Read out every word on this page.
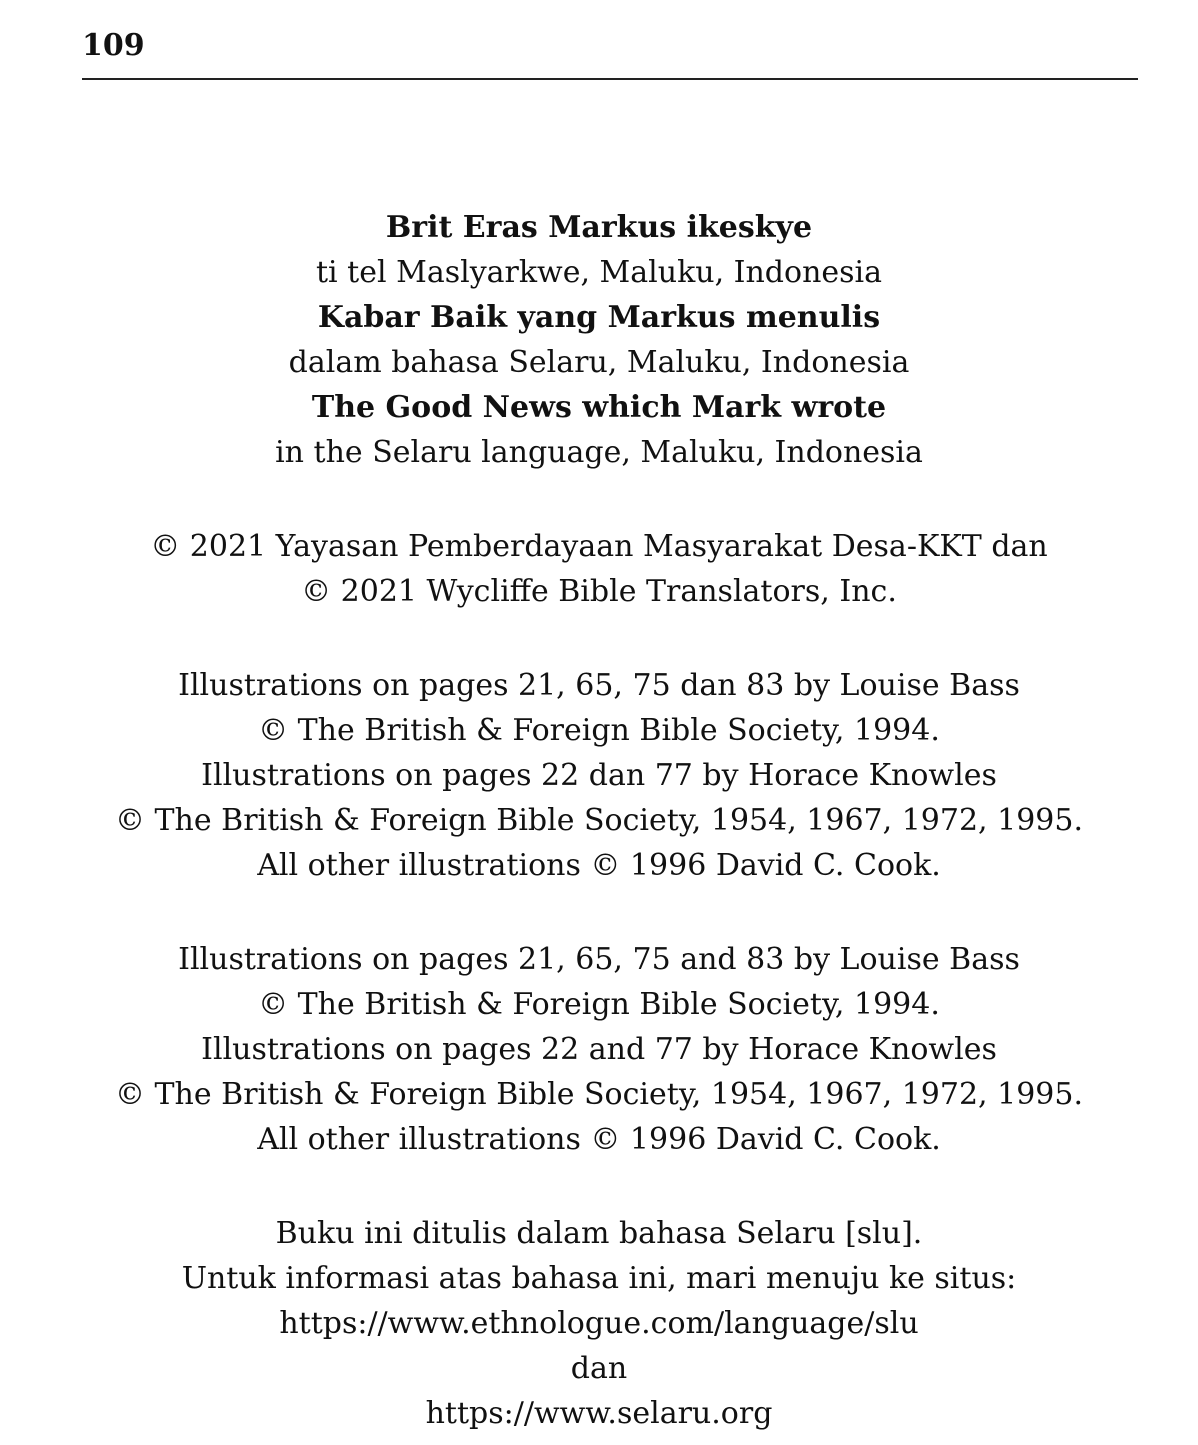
109
Brit Eras Markus ikeskye
ti tel Maslyarkwe, Maluku, Indonesia
Kabar Baik yang Markus menulis
dalam bahasa Selaru, Maluku, Indonesia
The Good News which Mark wrote
in the Selaru language, Maluku, Indonesia
© 2021 Yayasan Pemberdayaan Masyarakat Desa-KKT dan
© 2021 Wycliffe Bible Translators, Inc.
Illustrations on pages 21, 65, 75 dan 83 by Louise Bass
© The British & Foreign Bible Society, 1994.
Illustrations on pages 22 dan 77 by Horace Knowles
© The British & Foreign Bible Society, 1954, 1967, 1972, 1995.
All other illustrations © 1996 David C. Cook.
Illustrations on pages 21, 65, 75 and 83 by Louise Bass
© The British & Foreign Bible Society, 1994.
Illustrations on pages 22 and 77 by Horace Knowles
© The British & Foreign Bible Society, 1954, 1967, 1972, 1995.
All other illustrations © 1996 David C. Cook.
Buku ini ditulis dalam bahasa Selaru [slu].
Untuk informasi atas bahasa ini, mari menuju ke situs:
https://www.ethnologue.com/language/slu
dan
https://www.selaru.org
